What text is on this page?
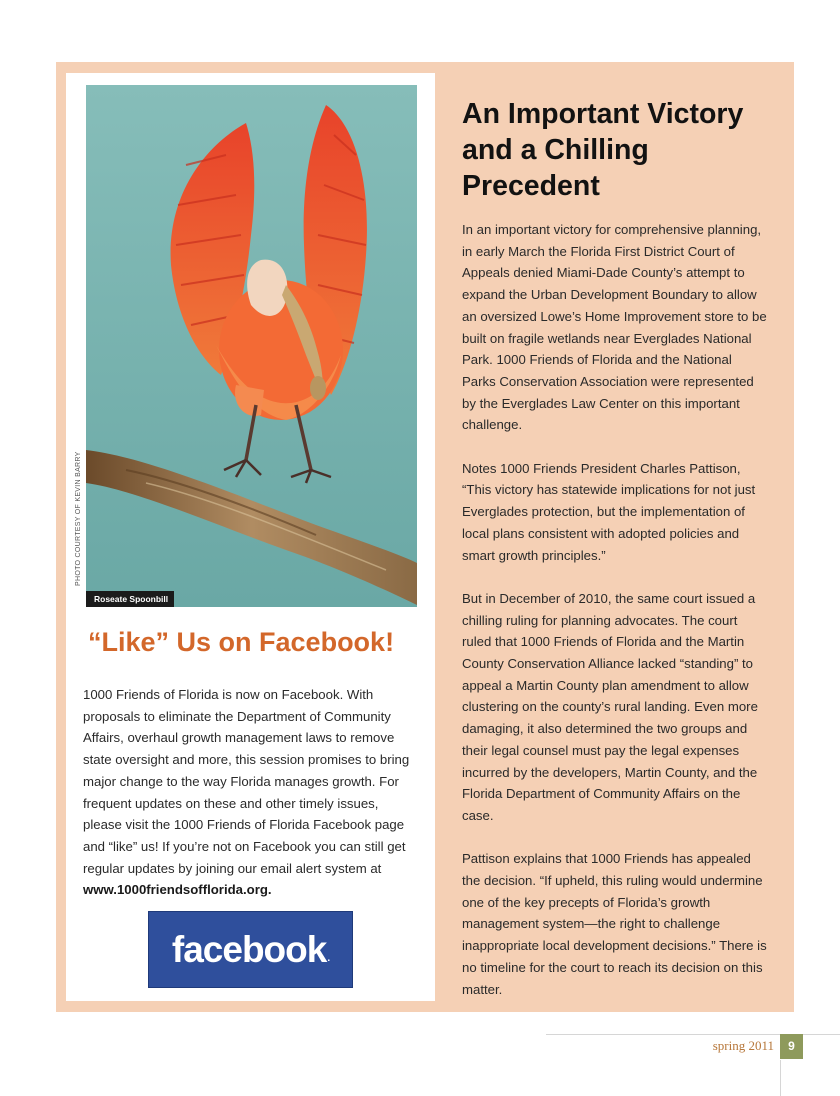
PHOTO COURTESY OF KEVIN BARRY
Roseate Spoonbill
“Like” Us on Facebook!

1000 Friends of Florida is now on Facebook. With proposals to eliminate the Department of Community Affairs, overhaul growth management laws to remove state oversight and more, this session promises to bring major change to the way Florida manages growth. For frequent updates on these and other timely issues, please visit the 1000 Friends of Florida Facebook page and “like” us! If you’re not on Facebook you can still get regular updates by joining our email alert system at www.1000friendsofflorida.org.

facebook .
An Important Victory and a Chilling Precedent

In an important victory for comprehensive planning, in early March the Florida First District Court of Appeals denied Miami-Dade County’s attempt to expand the Urban Development Boundary to allow an oversized Lowe’s Home Improvement store to be built on fragile wetlands near Everglades National Park. 1000 Friends of Florida and the National Parks Conservation Association were represented by the Everglades Law Center on this important challenge.

Notes 1000 Friends President Charles Pattison, “This victory has statewide implications for not just Everglades protection, but the implementation of local plans consistent with adopted policies and smart growth principles.”

But in December of 2010, the same court issued a chilling ruling for planning advocates. The court ruled that 1000 Friends of Florida and the Martin County Conservation Alliance lacked “standing” to appeal a Martin County plan amendment to allow clustering on the county’s rural landing. Even more damaging, it also determined the two groups and their legal counsel must pay the legal expenses incurred by the developers, Martin County, and the Florida Department of Community Affairs on the case.

Pattison explains that 1000 Friends has appealed the decision. “If upheld, this ruling would undermine one of the key precepts of Florida’s growth management system—the right to challenge inappropriate local development decisions.” There is no timeline for the court to reach its decision on this matter.

spring 2011	9
